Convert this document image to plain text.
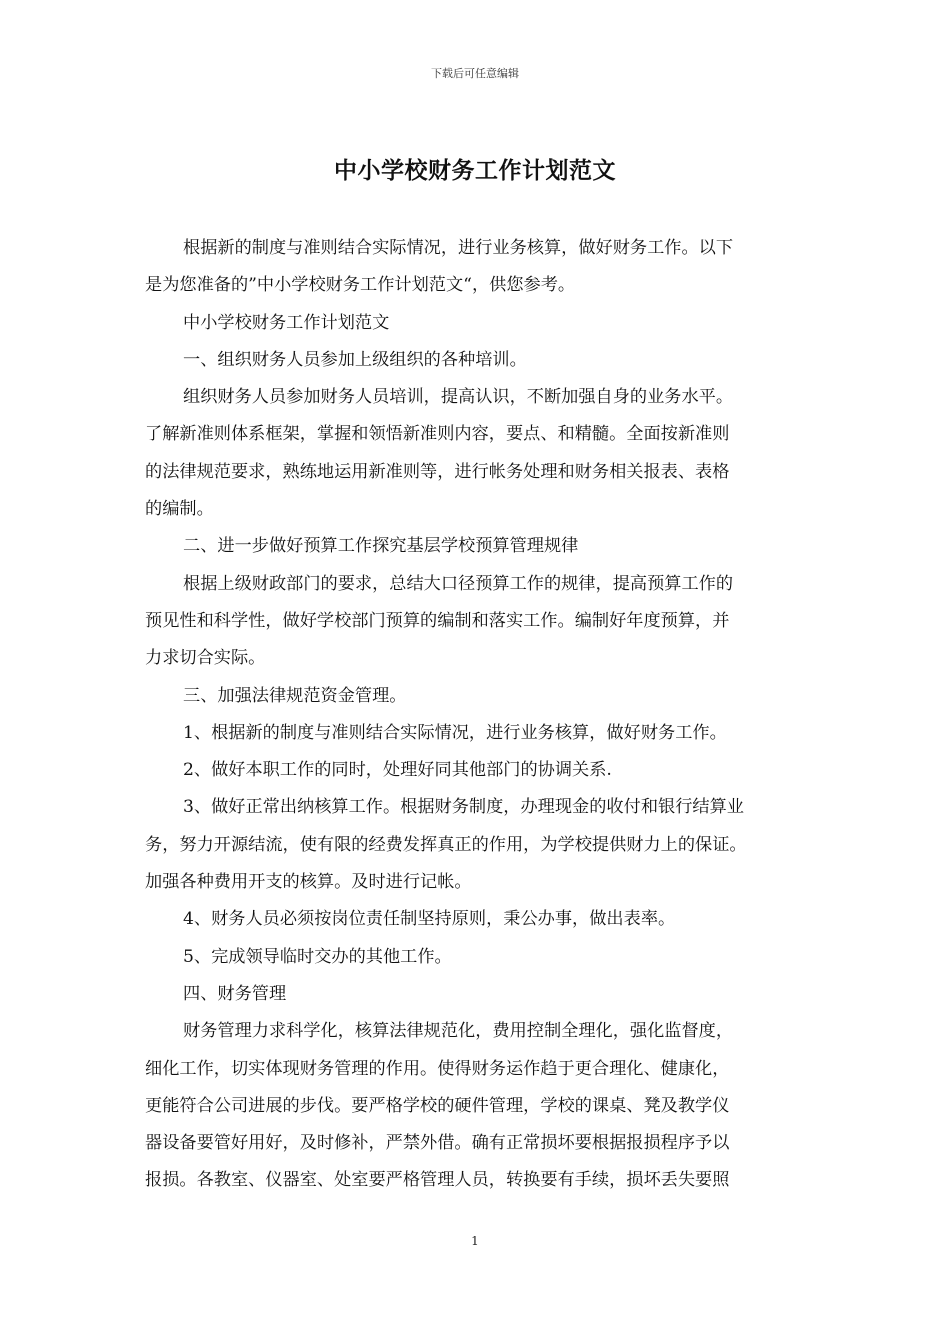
下载后可任意编辑
中小学校财务工作计划范文

根据新的制度与准则结合实际情况，进行业务核算，做好财务工作。以下
是为您准备的”中小学校财务工作计划范文“，供您参考。

中小学校财务工作计划范文

一、组织财务人员参加上级组织的各种培训。

组织财务人员参加财务人员培训，提高认识，不断加强自身的业务水平。
了解新准则体系框架，掌握和领悟新准则内容，要点、和精髓。全面按新准则
的法律规范要求，熟练地运用新准则等，进行帐务处理和财务相关报表、表格
的编制。

二、进一步做好预算工作探究基层学校预算管理规律

根据上级财政部门的要求，总结大口径预算工作的规律，提高预算工作的
预见性和科学性，做好学校部门预算的编制和落实工作。编制好年度预算，并
力求切合实际。

三、加强法律规范资金管理。

1、根据新的制度与准则结合实际情况，进行业务核算，做好财务工作。

2、做好本职工作的同时，处理好同其他部门的协调关系.

3、做好正常出纳核算工作。根据财务制度，办理现金的收付和银行结算业
务，努力开源结流，使有限的经费发挥真正的作用，为学校提供财力上的保证。
加强各种费用开支的核算。及时进行记帐。

4、财务人员必须按岗位责任制坚持原则，秉公办事，做出表率。

5、完成领导临时交办的其他工作。

四、财务管理

财务管理力求科学化，核算法律规范化，费用控制全理化，强化监督度，
细化工作，切实体现财务管理的作用。使得财务运作趋于更合理化、健康化，
更能符合公司进展的步伐。要严格学校的硬件管理，学校的课桌、凳及教学仪
器设备要管好用好，及时修补，严禁外借。确有正常损坏要根据报损程序予以
报损。各教室、仪器室、处室要严格管理人员，转换要有手续，损坏丢失要照

1
